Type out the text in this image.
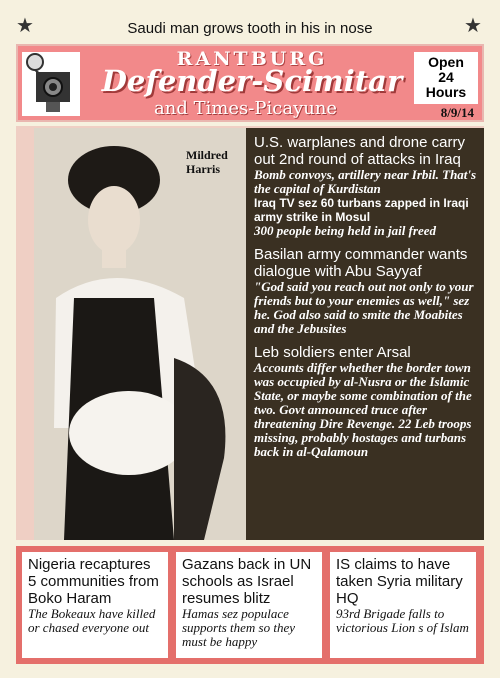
★	★
Saudi man grows tooth in his in nose
RANTBURG
Defender-Scimitar
and Times-Picayune
Open
24
Hours
8/9/14
Mildred
Harris
U.S. warplanes and drone carry out 2nd round of attacks in Iraq
Bomb convoys, artillery near Irbil. That's the capital of Kurdistan
Iraq TV sez 60 turbans zapped in Iraqi army strike in Mosul
300 people being held in jail freed
Basilan army commander wants dialogue with Abu Sayyaf
"God said you reach out not only to your friends but to your enemies as well," sez he. God also said to smite the Moabites and the Jebusites
Leb soldiers enter Arsal
Accounts differ whether the border town was occupied by al-Nusra or the Islamic State, or maybe some combination of the two. Govt announced truce after threatening Dire Revenge. 22 Leb troops missing, probably hostages and turbans back in al-Qalamoun
Nigeria recaptures 5 communities from Boko Haram
The Bokeaux have killed or chased everyone out
Gazans back in UN schools as Israel resumes blitz
Hamas sez populace supports them so they must be happy
IS claims to have taken Syria military HQ
93rd Brigade falls to victorious Lion s of Islam
